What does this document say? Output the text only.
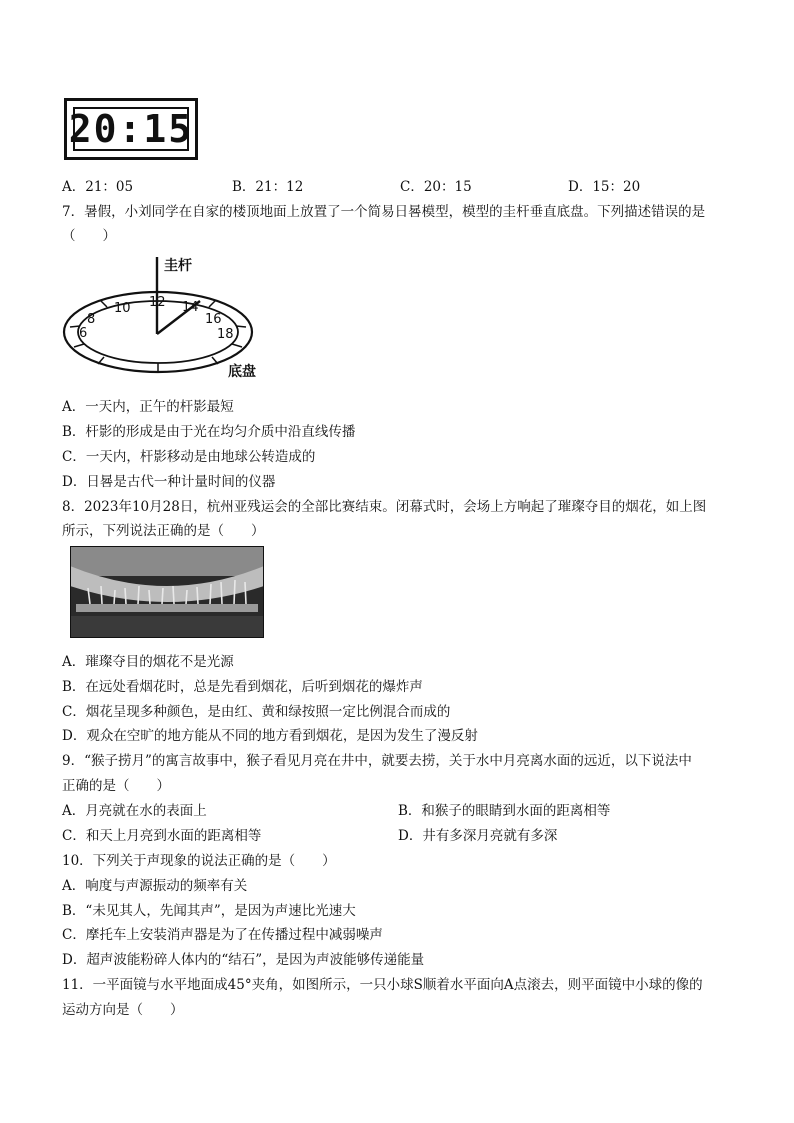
20:15
A．21：05	B．21：12	C．20：15	D．15：20
7．暑假，小刘同学在自家的楼顶地面上放置了一个简易日晷模型，模型的圭杆垂直底盘。下列描述错误的是
（　　）
圭杆
底盘
6
8
10 12 14
16
18
A．一天内，正午的杆影最短
B．杆影的形成是由于光在均匀介质中沿直线传播
C．一天内，杆影移动是由地球公转造成的
D．日晷是古代一种计量时间的仪器
8．2023年10月28日，杭州亚残运会的全部比赛结束。闭幕式时，会场上方响起了璀璨夺目的烟花，如上图
所示，下列说法正确的是（　　）
A．璀璨夺目的烟花不是光源
B．在远处看烟花时，总是先看到烟花，后听到烟花的爆炸声
C．烟花呈现多种颜色，是由红、黄和绿按照一定比例混合而成的
D．观众在空旷的地方能从不同的地方看到烟花，是因为发生了漫反射
9．“猴子捞月”的寓言故事中，猴子看见月亮在井中，就要去捞，关于水中月亮离水面的远近，以下说法中
正确的是（　　）
A．月亮就在水的表面上	B．和猴子的眼睛到水面的距离相等
C．和天上月亮到水面的距离相等	D．井有多深月亮就有多深
10．下列关于声现象的说法正确的是（　　）
A．响度与声源振动的频率有关
B．“未见其人，先闻其声”，是因为声速比光速大
C．摩托车上安装消声器是为了在传播过程中减弱噪声
D．超声波能粉碎人体内的“结石”，是因为声波能够传递能量
11．一平面镜与水平地面成45°夹角，如图所示，一只小球S顺着水平面向A点滚去，则平面镜中小球的像的
运动方向是（　　）
